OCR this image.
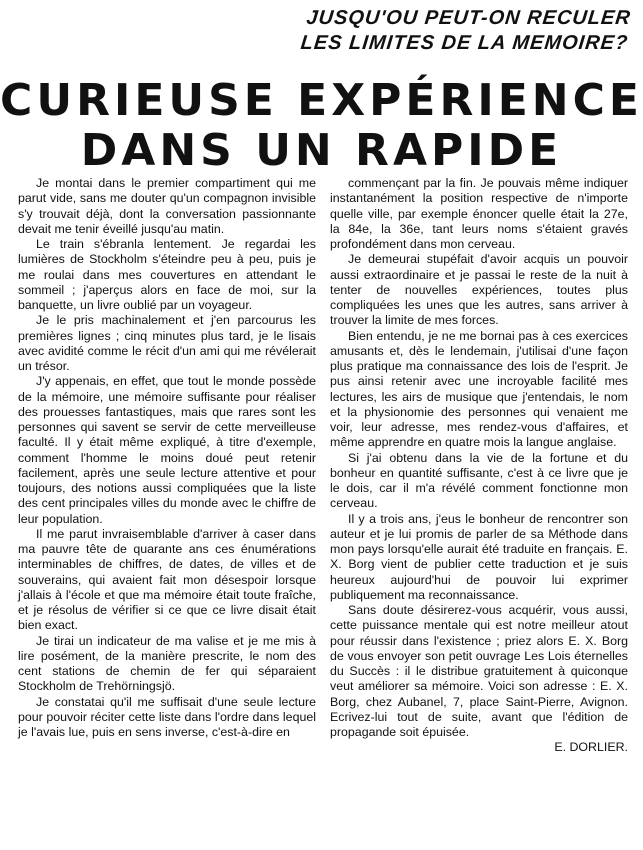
JUSQU'OU PEUT-ON RECULER
LES LIMITES DE LA MEMOIRE?
CURIEUSE EXPÉRIENCE
DANS UN RAPIDE

Je montai dans le premier compartiment qui me parut vide, sans me douter qu'un compagnon invisible s'y trouvait déjà, dont la conversation passionnante devait me tenir éveillé jusqu'au matin.

Le train s'ébranla lentement. Je regardai les lumières de Stockholm s'éteindre peu à peu, puis je me roulai dans mes couvertures en attendant le sommeil ; j'aperçus alors en face de moi, sur la banquette, un livre oublié par un voyageur.

Je le pris machinalement et j'en parcourus les premières lignes ; cinq minutes plus tard, je le lisais avec avidité comme le récit d'un ami qui me révélerait un trésor.

J'y appenais, en effet, que tout le monde possède de la mémoire, une mémoire suffisante pour réaliser des prouesses fantastiques, mais que rares sont les personnes qui savent se servir de cette merveilleuse faculté. Il y était même expliqué, à titre d'exemple, comment l'homme le moins doué peut retenir facilement, après une seule lecture attentive et pour toujours, des notions aussi compliquées que la liste des cent principales villes du monde avec le chiffre de leur population.

Il me parut invraisemblable d'arriver à caser dans ma pauvre tête de quarante ans ces énumérations interminables de chiffres, de dates, de villes et de souverains, qui avaient fait mon désespoir lorsque j'allais à l'école et que ma mémoire était toute fraîche, et je résolus de vérifier si ce que ce livre disait était bien exact.

Je tirai un indicateur de ma valise et je me mis à lire posément, de la manière prescrite, le nom des cent stations de chemin de fer qui séparaient Stockholm de Trehörningsjö.

Je constatai qu'il me suffisait d'une seule lecture pour pouvoir réciter cette liste dans l'ordre dans lequel je l'avais lue, puis en sens inverse, c'est-à-dire en

commençant par la fin. Je pouvais même indiquer instantanément la position respective de n'importe quelle ville, par exemple énoncer quelle était la 27e, la 84e, la 36e, tant leurs noms s'étaient gravés profondément dans mon cerveau.

Je demeurai stupéfait d'avoir acquis un pouvoir aussi extraordinaire et je passai le reste de la nuit à tenter de nouvelles expériences, toutes plus compliquées les unes que les autres, sans arriver à trouver la limite de mes forces.

Bien entendu, je ne me bornai pas à ces exercices amusants et, dès le lendemain, j'utilisai d'une façon plus pratique ma connaissance des lois de l'esprit. Je pus ainsi retenir avec une incroyable facilité mes lectures, les airs de musique que j'entendais, le nom et la physionomie des personnes qui venaient me voir, leur adresse, mes rendez-vous d'affaires, et même apprendre en quatre mois la langue anglaise.

Si j'ai obtenu dans la vie de la fortune et du bonheur en quantité suffisante, c'est à ce livre que je le dois, car il m'a révélé comment fonctionne mon cerveau.

Il y a trois ans, j'eus le bonheur de rencontrer son auteur et je lui promis de parler de sa Méthode dans mon pays lorsqu'elle aurait été traduite en français. E. X. Borg vient de publier cette traduction et je suis heureux aujourd'hui de pouvoir lui exprimer publiquement ma reconnaissance.

Sans doute désirerez-vous acquérir, vous aussi, cette puissance mentale qui est notre meilleur atout pour réussir dans l'existence ; priez alors E. X. Borg de vous envoyer son petit ouvrage Les Lois éternelles du Succès : il le distribue gratuitement à quiconque veut améliorer sa mémoire. Voici son adresse : E. X. Borg, chez Aubanel, 7, place Saint-Pierre, Avignon. Ecrivez-lui tout de suite, avant que l'édition de propagande soit épuisée.

E. DORLIER.
